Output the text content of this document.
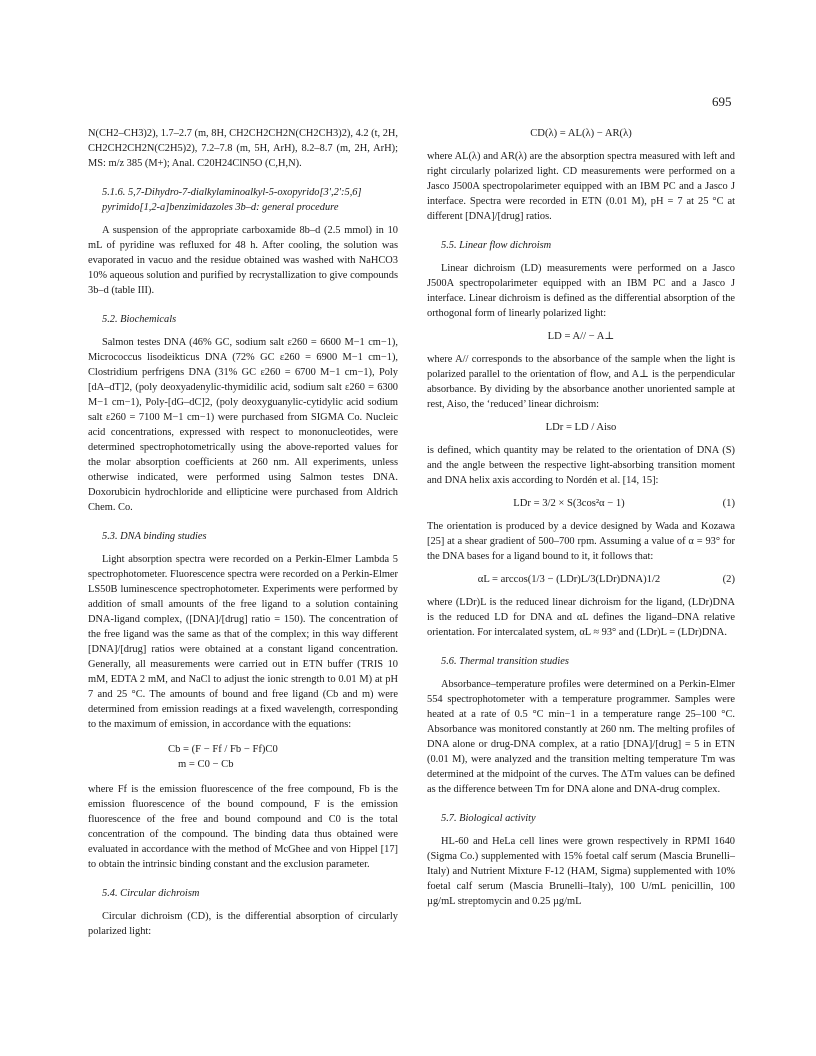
695

N(CH2–CH3)2), 1.7–2.7 (m, 8H, CH2CH2CH2N(CH2CH3)2), 4.2 (t, 2H, CH2CH2CH2N(C2H5)2), 7.2–7.8 (m, 5H, ArH), 8.2–8.7 (m, 2H, ArH); MS: m/z 385 (M+); Anal. C20H24ClN5O (C,H,N).

5.1.6. 5,7-Dihydro-7-dialkylaminoalkyl-5-oxopyrido[3′,2′:5,6] pyrimido[1,2-a]benzimidazoles 3b–d: general procedure

A suspension of the appropriate carboxamide 8b–d (2.5 mmol) in 10 mL of pyridine was refluxed for 48 h. After cooling, the solution was evaporated in vacuo and the residue obtained was washed with NaHCO3 10% aqueous solution and purified by recrystallization to give compounds 3b–d (table III).

5.2. Biochemicals

Salmon testes DNA (46% GC, sodium salt ε260 = 6600 M−1 cm−1), Micrococcus lisodeikticus DNA (72% GC ε260 = 6900 M−1 cm−1), Clostridium perfrigens DNA (31% GC ε260 = 6700 M−1 cm−1), Poly [dA–dT]2, (poly deoxyadenylic-thymidilic acid, sodium salt ε260 = 6300 M−1 cm−1), Poly-[dG–dC]2, (poly deoxyguanylic-cytidylic acid sodium salt ε260 = 7100 M−1 cm−1) were purchased from SIGMA Co. Nucleic acid concentrations, expressed with respect to mononucleotides, were determined spectrophotometrically using the above-reported values for the molar absorption coefficients at 260 nm. All experiments, unless otherwise indicated, were performed using Salmon testes DNA. Doxorubicin hydrochloride and ellipticine were purchased from Aldrich Chem. Co.

5.3. DNA binding studies

Light absorption spectra were recorded on a Perkin-Elmer Lambda 5 spectrophotometer. Fluorescence spectra were recorded on a Perkin-Elmer LS50B luminescence spectrophotometer. Experiments were performed by addition of small amounts of the free ligand to a solution containing DNA-ligand complex, ([DNA]/[drug] ratio = 150). The concentration of the free ligand was the same as that of the complex; in this way different [DNA]/[drug] ratios were obtained at a constant ligand concentration. Generally, all measurements were carried out in ETN buffer (TRIS 10 mM, EDTA 2 mM, and NaCl to adjust the ionic strength to 0.01 M) at pH 7 and 25 °C. The amounts of bound and free ligand (Cb and m) were determined from emission readings at a fixed wavelength, corresponding to the maximum of emission, in accordance with the equations:

Cb = (F − Ff / Fb − Ff)C0
m = C0 − Cb

where Ff is the emission fluorescence of the free compound, Fb is the emission fluorescence of the bound compound, F is the emission fluorescence of the free and bound compound and C0 is the total concentration of the compound. The binding data thus obtained were evaluated in accordance with the method of McGhee and von Hippel [17] to obtain the intrinsic binding constant and the exclusion parameter.

5.4. Circular dichroism

Circular dichroism (CD), is the differential absorption of circularly polarized light:

CD(λ) = AL(λ) − AR(λ)

where AL(λ) and AR(λ) are the absorption spectra measured with left and right circularly polarized light. CD measurements were performed on a Jasco J500A spectropolarimeter equipped with an IBM PC and a Jasco J interface. Spectra were recorded in ETN (0.01 M), pH = 7 at 25 °C at different [DNA]/[drug] ratios.

5.5. Linear flow dichroism

Linear dichroism (LD) measurements were performed on a Jasco J500A spectropolarimeter equipped with an IBM PC and a Jasco J interface. Linear dichroism is defined as the differential absorption of the orthogonal form of linearly polarized light:

LD = A// − A⊥

where A// corresponds to the absorbance of the sample when the light is polarized parallel to the orientation of flow, and A⊥ is the perpendicular absorbance. By dividing by the absorbance another unoriented sample at rest, Aiso, the ‘reduced’ linear dichroism:

LDr = LD / Aiso

is defined, which quantity may be related to the orientation of DNA (S) and the angle between the respective light-absorbing transition moment and DNA helix axis according to Nordén et al. [14, 15]:

LDr = 3/2 × S(3cos²α − 1)	(1)

The orientation is produced by a device designed by Wada and Kozawa [25] at a shear gradient of 500–700 rpm. Assuming a value of α = 93° for the DNA bases for a ligand bound to it, it follows that:

αL = arccos(1/3 − (LDr)L/3(LDr)DNA)1/2	(2)

where (LDr)L is the reduced linear dichroism for the ligand, (LDr)DNA is the reduced LD for DNA and αL defines the ligand–DNA relative orientation. For intercalated system, αL ≈ 93° and (LDr)L = (LDr)DNA.

5.6. Thermal transition studies

Absorbance–temperature profiles were determined on a Perkin-Elmer 554 spectrophotometer with a temperature programmer. Samples were heated at a rate of 0.5 °C min−1 in a temperature range 25–100 °C. Absorbance was monitored constantly at 260 nm. The melting profiles of DNA alone or drug-DNA complex, at a ratio [DNA]/[drug] = 5 in ETN (0.01 M), were analyzed and the transition melting temperature Tm was determined at the midpoint of the curves. The ΔTm values can be defined as the difference between Tm for DNA alone and DNA-drug complex.

5.7. Biological activity

HL-60 and HeLa cell lines were grown respectively in RPMI 1640 (Sigma Co.) supplemented with 15% foetal calf serum (Mascia Brunelli–Italy) and Nutrient Mixture F-12 (HAM, Sigma) supplemented with 10% foetal calf serum (Mascia Brunelli–Italy), 100 U/mL penicillin, 100 µg/mL streptomycin and 0.25 µg/mL
